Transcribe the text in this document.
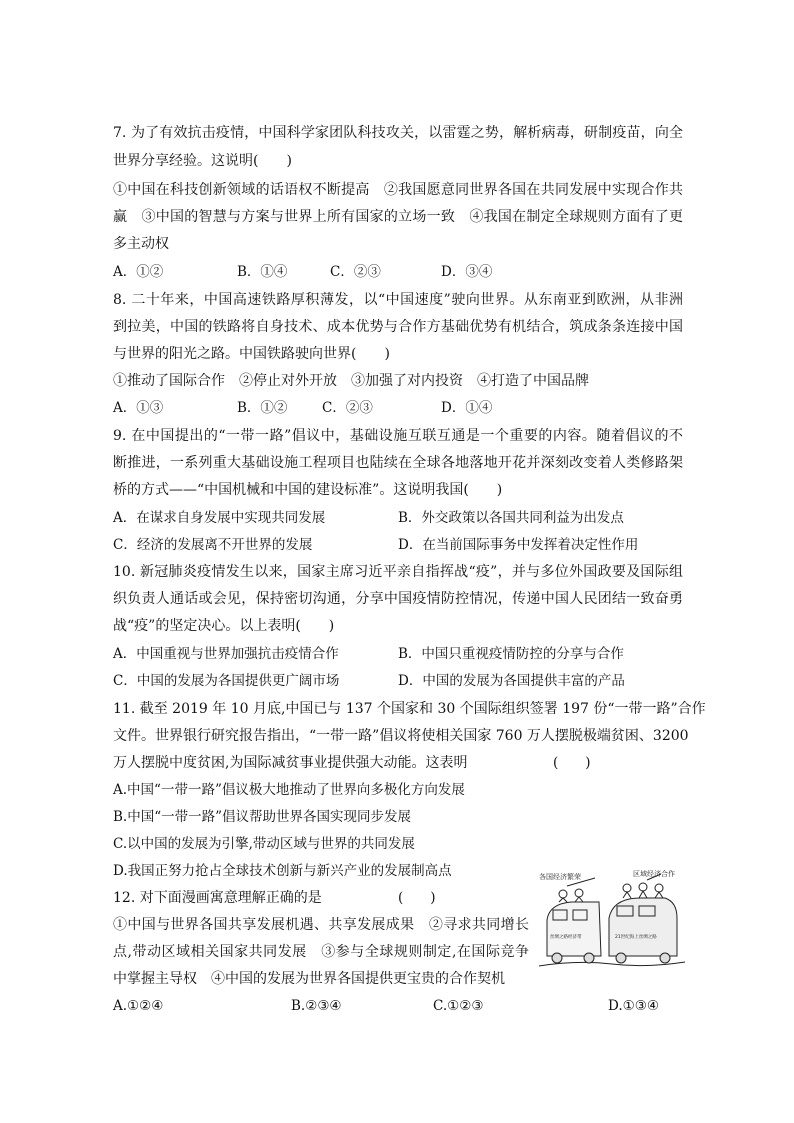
7. 为了有效抗击疫情，中国科学家团队科技攻关，以雷霆之势，解析病毒，研制疫苗，向全
世界分享经验。这说明(　　)
①中国在科技创新领域的话语权不断提高　②我国愿意同世界各国在共同发展中实现合作共
赢　③中国的智慧与方案与世界上所有国家的立场一致　④我国在制定全球规则方面有了更
多主动权
A．①②	B．①④	C．②③	D．③④
8. 二十年来，中国高速铁路厚积薄发，以“中国速度”驶向世界。从东南亚到欧洲，从非洲
到拉美，中国的铁路将自身技术、成本优势与合作方基础优势有机结合，筑成条条连接中国
与世界的阳光之路。中国铁路驶向世界(　　)
①推动了国际合作　②停止对外开放　③加强了对内投资　④打造了中国品牌
A．①③	B．①②	C．②③	D．①④
9. 在中国提出的“一带一路”倡议中，基础设施互联互通是一个重要的内容。随着倡议的不
断推进，一系列重大基础设施工程项目也陆续在全球各地落地开花并深刻改变着人类修路架
桥的方式——“中国机械和中国的建设标准”。这说明我国(　　)
A．在谋求自身发展中实现共同发展	B．外交政策以各国共同利益为出发点
C．经济的发展离不开世界的发展	D．在当前国际事务中发挥着决定性作用
10. 新冠肺炎疫情发生以来，国家主席习近平亲自指挥战“疫”，并与多位外国政要及国际组
织负责人通话或会见，保持密切沟通，分享中国疫情防控情况，传递中国人民团结一致奋勇
战“疫”的坚定决心。以上表明(　　)
A．中国重视与世界加强抗击疫情合作	B．中国只重视疫情防控的分享与合作
C．中国的发展为各国提供更广阔市场	D．中国的发展为各国提供丰富的产品
11. 截至 2019 年 10 月底,中国已与 137 个国家和 30 个国际组织签署 197 份“一带一路”合作
文件。世界银行研究报告指出，“一带一路”倡议将使相关国家 760 万人摆脱极端贫困、3200
万人摆脱中度贫困,为国际减贫事业提供强大动能。这表明	(　　)
A.中国“一带一路”倡议极大地推动了世界向多极化方向发展
B.中国“一带一路”倡议帮助世界各国实现同步发展
C.以中国的发展为引擎,带动区域与世界的共同发展
D.我国正努力抢占全球技术创新与新兴产业的发展制高点
12. 对下面漫画寓意理解正确的是	(　　)
①中国与世界各国共享发展机遇、共享发展成果　②寻求共同增长
点,带动区域相关国家共同发展　③参与全球规则制定,在国际竞争
中掌握主导权　④中国的发展为世界各国提供更宝贵的合作契机
A.①②④	B.②③④	C.①②③	D.①③④
各国经济繁荣	区域经济合作
丝绸之路经济带	21世纪海上丝绸之路
